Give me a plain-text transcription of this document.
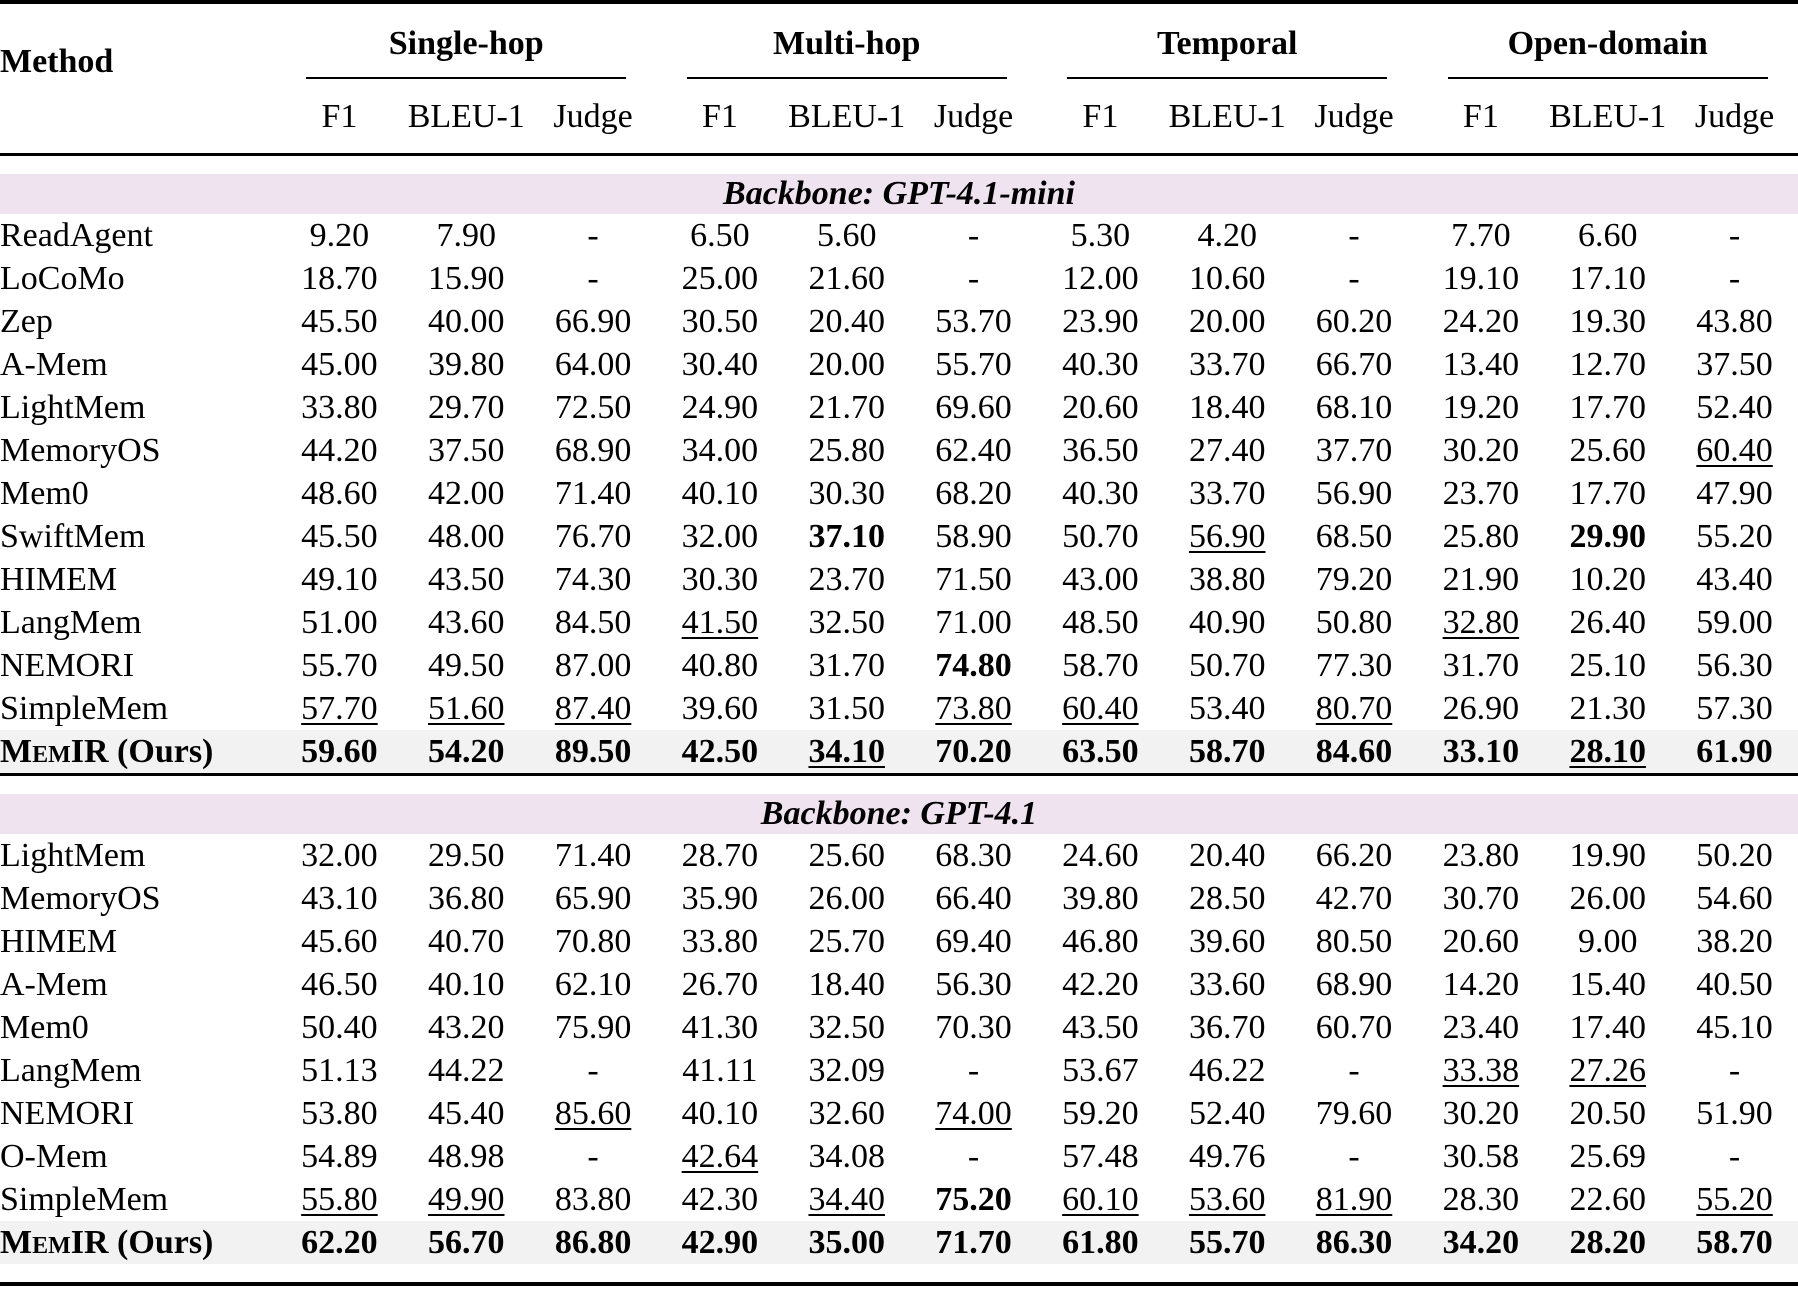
Method	Single-hop			Multi-hop			Temporal			Open-domain		
	F1	BLEU-1	Judge	F1	BLEU-1	Judge	F1	BLEU-1	Judge	F1	BLEU-1	Judge

Backbone: GPT-4.1-mini												
ReadAgent	9.20	7.90	-	6.50	5.60	-	5.30	4.20	-	7.70	6.60	-
LoCoMo	18.70	15.90	-	25.00	21.60	-	12.00	10.60	-	19.10	17.10	-
Zep	45.50	40.00	66.90	30.50	20.40	53.70	23.90	20.00	60.20	24.20	19.30	43.80
A-Mem	45.00	39.80	64.00	30.40	20.00	55.70	40.30	33.70	66.70	13.40	12.70	37.50
LightMem	33.80	29.70	72.50	24.90	21.70	69.60	20.60	18.40	68.10	19.20	17.70	52.40
MemoryOS	44.20	37.50	68.90	34.00	25.80	62.40	36.50	27.40	37.70	30.20	25.60	60.40
Mem0	48.60	42.00	71.40	40.10	30.30	68.20	40.30	33.70	56.90	23.70	17.70	47.90
SwiftMem	45.50	48.00	76.70	32.00	37.10	58.90	50.70	56.90	68.50	25.80	29.90	55.20
HIMEM	49.10	43.50	74.30	30.30	23.70	71.50	43.00	38.80	79.20	21.90	10.20	43.40
LangMem	51.00	43.60	84.50	41.50	32.50	71.00	48.50	40.90	50.80	32.80	26.40	59.00
NEMORI	55.70	49.50	87.00	40.80	31.70	74.80	58.70	50.70	77.30	31.70	25.10	56.30
SimpleMem	57.70	51.60	87.40	39.60	31.50	73.80	60.40	53.40	80.70	26.90	21.30	57.30
MemIR (Ours)	59.60	54.20	89.50	42.50	34.10	70.20	63.50	58.70	84.60	33.10	28.10	61.90

Backbone: GPT-4.1												
LightMem	32.00	29.50	71.40	28.70	25.60	68.30	24.60	20.40	66.20	23.80	19.90	50.20
MemoryOS	43.10	36.80	65.90	35.90	26.00	66.40	39.80	28.50	42.70	30.70	26.00	54.60
HIMEM	45.60	40.70	70.80	33.80	25.70	69.40	46.80	39.60	80.50	20.60	9.00	38.20
A-Mem	46.50	40.10	62.10	26.70	18.40	56.30	42.20	33.60	68.90	14.20	15.40	40.50
Mem0	50.40	43.20	75.90	41.30	32.50	70.30	43.50	36.70	60.70	23.40	17.40	45.10
LangMem	51.13	44.22	-	41.11	32.09	-	53.67	46.22	-	33.38	27.26	-
NEMORI	53.80	45.40	85.60	40.10	32.60	74.00	59.20	52.40	79.60	30.20	20.50	51.90
O-Mem	54.89	48.98	-	42.64	34.08	-	57.48	49.76	-	30.58	25.69	-
SimpleMem	55.80	49.90	83.80	42.30	34.40	75.20	60.10	53.60	81.90	28.30	22.60	55.20
MemIR (Ours)	62.20	56.70	86.80	42.90	35.00	71.70	61.80	55.70	86.30	34.20	28.20	58.70
